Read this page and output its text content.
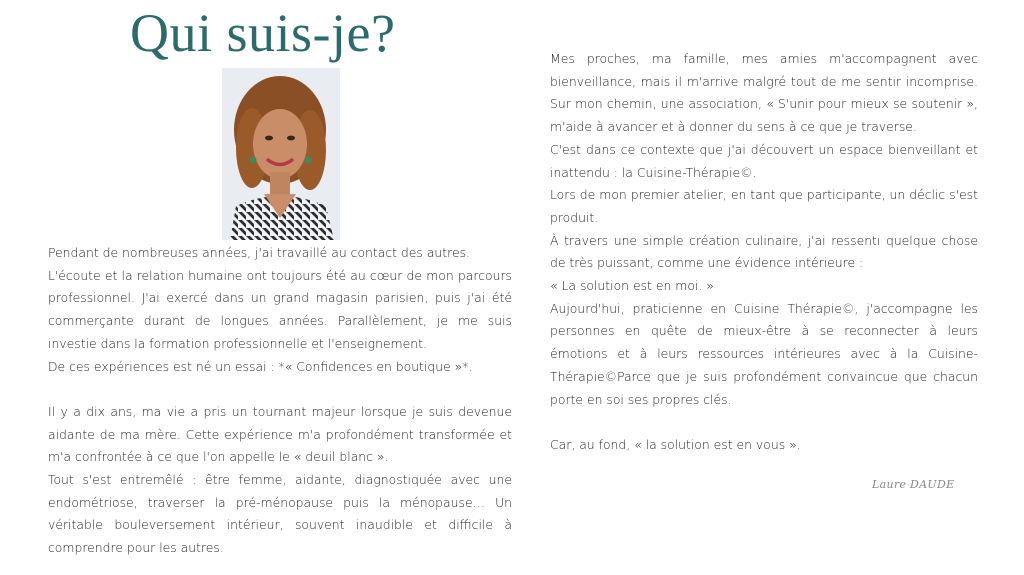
Qui suis-je?

Pendant de nombreuses années, j'ai travaillé au contact des autres.

L'écoute et la relation humaine ont toujours été au cœur de mon parcours professionnel. J'ai exercé dans un grand magasin parisien, puis j'ai été commerçante durant de longues années. Parallèlement, je me suis investie dans la formation professionnelle et l'enseignement.

De ces expériences est né un essai : *« Confidences en boutique »*.

Il y a dix ans, ma vie a pris un tournant majeur lorsque je suis devenue aidante de ma mère. Cette expérience m'a profondément transformée et m'a confrontée à ce que l'on appelle le « deuil blanc ».

Tout s'est entremêlé : être femme, aidante, diagnostiquée avec une endométriose, traverser la pré-ménopause puis la ménopause… Un véritable bouleversement intérieur, souvent inaudible et difficile à comprendre pour les autres.

Mes proches, ma famille, mes amies m'accompagnent avec bienveillance, mais il m'arrive malgré tout de me sentir incomprise. Sur mon chemin, une association, « S'unir pour mieux se soutenir », m'aide à avancer et à donner du sens à ce que je traverse.

C'est dans ce contexte que j'ai découvert un espace bienveillant et inattendu : la Cuisine-Thérapie©.

Lors de mon premier atelier, en tant que participante, un déclic s'est produit.

À travers une simple création culinaire, j'ai ressenti quelque chose de très puissant, comme une évidence intérieure :

« La solution est en moi. »

Aujourd'hui, praticienne en Cuisine Thérapie©, j'accompagne les personnes en quête de mieux-être à se reconnecter à leurs émotions et à leurs ressources intérieures avec à la Cuisine-Thérapie©Parce que je suis profondément convaincue que chacun porte en soi ses propres clés.

Car, au fond, « la solution est en vous ».

Laure DAUDE
